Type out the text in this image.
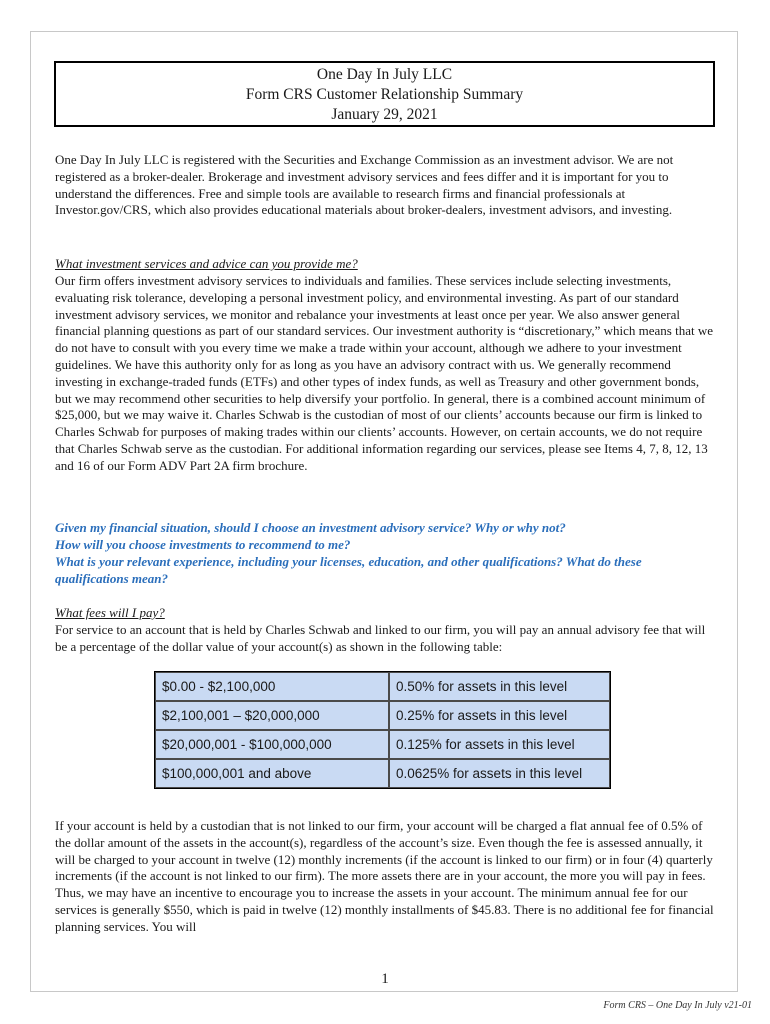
One Day In July LLC
Form CRS Customer Relationship Summary
January 29, 2021
One Day In July LLC is registered with the Securities and Exchange Commission as an investment advisor. We are not registered as a broker-dealer. Brokerage and investment advisory services and fees differ and it is important for you to understand the differences. Free and simple tools are available to research firms and financial professionals at Investor.gov/CRS, which also provides educational materials about broker-dealers, investment advisors, and investing.
What investment services and advice can you provide me?
Our firm offers investment advisory services to individuals and families. These services include selecting investments, evaluating risk tolerance, developing a personal investment policy, and environmental investing. As part of our standard investment advisory services, we monitor and rebalance your investments at least once per year. We also answer general financial planning questions as part of our standard services. Our investment authority is “discretionary,” which means that we do not have to consult with you every time we make a trade within your account, although we adhere to your investment guidelines. We have this authority only for as long as you have an advisory contract with us. We generally recommend investing in exchange-traded funds (ETFs) and other types of index funds, as well as Treasury and other government bonds, but we may recommend other securities to help diversify your portfolio. In general, there is a combined account minimum of $25,000, but we may waive it. Charles Schwab is the custodian of most of our clients’ accounts because our firm is linked to Charles Schwab for purposes of making trades within our clients’ accounts. However, on certain accounts, we do not require that Charles Schwab serve as the custodian. For additional information regarding our services, please see Items 4, 7, 8, 12, 13 and 16 of our Form ADV Part 2A firm brochure.
Given my financial situation, should I choose an investment advisory service? Why or why not?
How will you choose investments to recommend to me?
What is your relevant experience, including your licenses, education, and other qualifications? What do these qualifications mean?
What fees will I pay?
For service to an account that is held by Charles Schwab and linked to our firm, you will pay an annual advisory fee that will be a percentage of the dollar value of your account(s) as shown in the following table:
$0.00 - $2,100,000	0.50% for assets in this level
$2,100,001 – $20,000,000	0.25% for assets in this level
$20,000,001 - $100,000,000	0.125% for assets in this level
$100,000,001 and above	0.0625% for assets in this level
If your account is held by a custodian that is not linked to our firm, your account will be charged a flat annual fee of 0.5% of the dollar amount of the assets in the account(s), regardless of the account’s size. Even though the fee is assessed annually, it will be charged to your account in twelve (12) monthly increments (if the account is linked to our firm) or in four (4) quarterly increments (if the account is not linked to our firm). The more assets there are in your account, the more you will pay in fees. Thus, we may have an incentive to encourage you to increase the assets in your account. The minimum annual fee for our services is generally $550, which is paid in twelve (12) monthly installments of $45.83. There is no additional fee for financial planning services. You will
1
Form CRS – One Day In July v21-01
